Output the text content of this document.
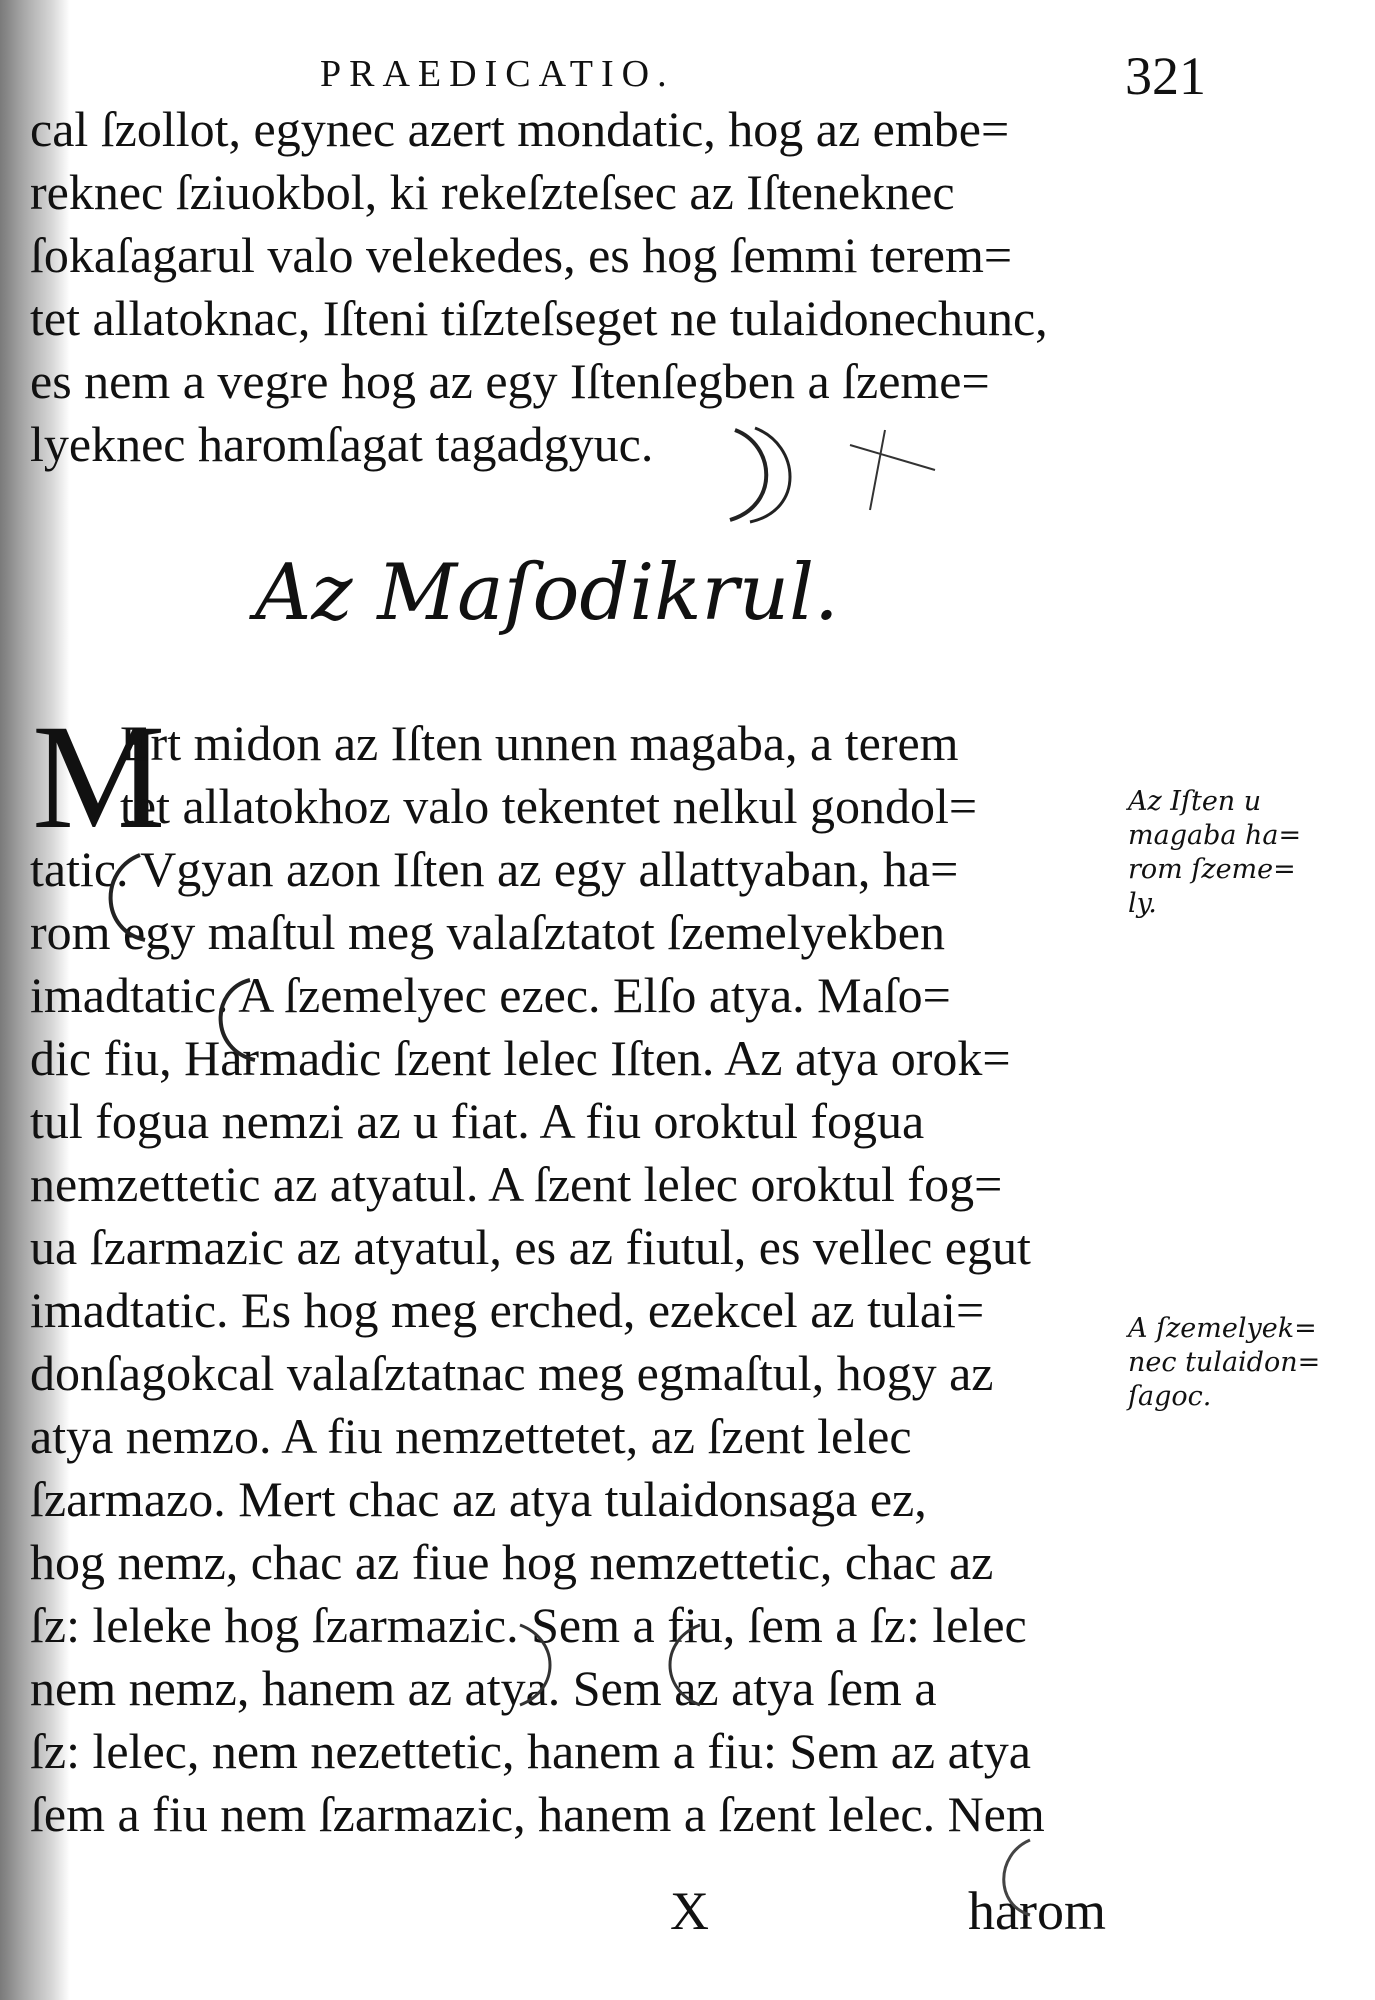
PRAEDICATIO.	321
cal ſzollot, egynec azert mondatic, hog az embe=
reknec ſziuokbol, ki rekeſzteſsec az Iſteneknec
ſokaſagarul valo velekedes, es hog ſemmi terem=
tet allatoknac, Iſteni tiſzteſseget ne tulaidonechunc,
es nem a vegre hog az egy Iſtenſegben a ſzeme=
lyeknec haromſagat tagadgyuc.
Az Maſodikrul.
M
Ert midon az Iſten unnen magaba, a terem
tet allatokhoz valo tekentet nelkul gondol=
tatic. Vgyan azon Iſten az egy allattyaban, ha=
rom egy maſtul meg valaſztatot ſzemelyekben
imadtatic. A ſzemelyec ezec. Elſo atya. Maſo=
dic fiu, Harmadic ſzent lelec Iſten. Az atya orok=
tul fogua nemzi az u fiat. A fiu oroktul fogua
nemzettetic az atyatul. A ſzent lelec oroktul fog=
ua ſzarmazic az atyatul, es az fiutul, es vellec egut
imadtatic. Es hog meg erched, ezekcel az tulai=
donſagokcal valaſztatnac meg egmaſtul, hogy az
atya nemzo. A fiu nemzettetet, az ſzent lelec
ſzarmazo. Mert chac az atya tulaidonsaga ez,
hog nemz, chac az fiue hog nemzettetic, chac az
ſz: leleke hog ſzarmazic. Sem a fiu, ſem a ſz: lelec
nem nemz, hanem az atya. Sem az atya ſem a
ſz: lelec, nem nezettetic, hanem a fiu: Sem az atya
ſem a fiu nem ſzarmazic, hanem a ſzent lelec. Nem
Az Iſten u
magaba ha=
rom ſzeme=
ly.
A ſzemelyek=
nec tulaidon=
ſagoc.
X	harom
